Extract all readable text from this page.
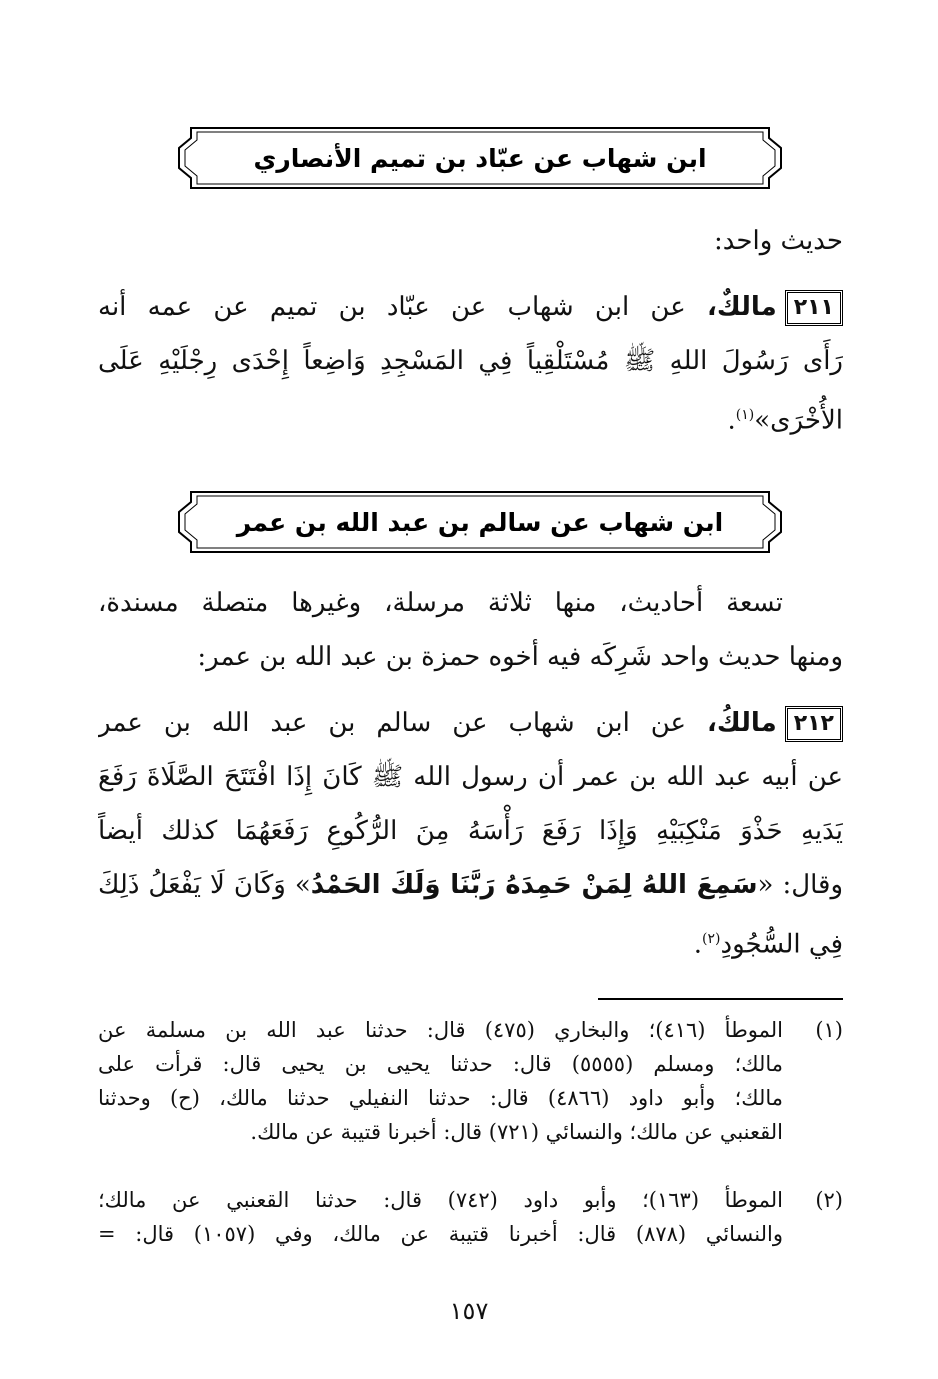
ابن شهاب عن عبّاد بن تميم الأنصاري
حديث واحد:
٢١١مالكٌ، عن ابن شهاب عن عبّاد بن تميم عن عمه أنه
رَأَى رَسُولَ اللهِ ﷺ مُسْتَلْقِياً فِي المَسْجِدِ وَاضِعاً إِحْدَى رِجْلَيْهِ عَلَى
الأُخْرَى»$^{(١)}$.
ابن شهاب عن سالم بن عبد الله بن عمر
تسعة أحاديث، منها ثلاثة مرسلة، وغيرها متصلة مسندة،
ومنها حديث واحد شَرِكَه فيه أخوه حمزة بن عبد الله بن عمر:
٢١٢مالكُ، عن ابن شهاب عن سالم بن عبد الله بن عمر
عن أبيه عبد الله بن عمر أن رسول الله ﷺ كَانَ إِذَا افْتَتَحَ الصَّلَاةَ رَفَعَ
يَدَيهِ حَذْوَ مَنْكِبَيْهِ وَإِذَا رَفَعَ رَأْسَهُ مِنَ الرُّكُوعِ رَفَعَهُمَا كذلك أيضاً
وقال: «سَمِعَ اللهُ لِمَنْ حَمِدَهُ رَبَّنَا وَلَكَ الحَمْدُ» وَكَانَ لَا يَفْعَلُ ذَلِكَ
فِي السُّجُودِ$^{(٢)}$.
(١)
الموطأ (٤١٦)؛ والبخاري (٤٧٥) قال: حدثنا عبد الله بن مسلمة عن
مالك؛ ومسلم (٥٥٥٥) قال: حدثنا يحيى بن يحيى قال: قرأت على
مالك؛ وأبو داود (٤٨٦٦) قال: حدثنا النفيلي حدثنا مالك، (ح) وحدثنا
القعنبي عن مالك؛ والنسائي (٧٢١) قال: أخبرنا قتيبة عن مالك.
(٢)
الموطأ (١٦٣)؛ وأبو داود (٧٤٢) قال: حدثنا القعنبي عن مالك؛
والنسائي (٨٧٨) قال: أخبرنا قتيبة عن مالك، وفي (١٠٥٧) قال: =
١٥٧
